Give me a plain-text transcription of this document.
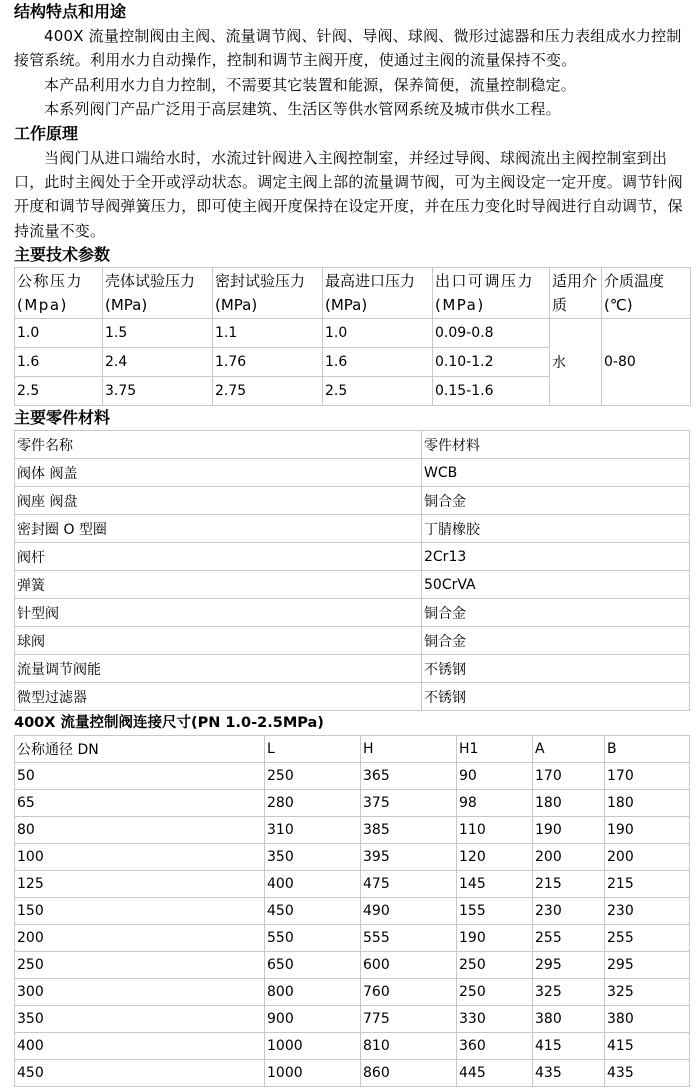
结构特点和用途

400X 流量控制阀由主阀、流量调节阀、针阀、导阀、球阀、微形过滤器和压力表组成水力控制接管系统。利用水力自动操作，控制和调节主阀开度，使通过主阀的流量保持不变。

本产品利用水力自力控制，不需要其它装置和能源，保养简便，流量控制稳定。

本系列阀门产品广泛用于高层建筑、生活区等供水管网系统及城市供水工程。

工作原理

当阀门从进口端给水时，水流过针阀进入主阀控制室，并经过导阀、球阀流出主阀控制室到出口，此时主阀处于全开或浮动状态。调定主阀上部的流量调节阀，可为主阀设定一定开度。调节针阀开度和调节导阀弹簧压力，即可使主阀开度保持在设定开度，并在压力变化时导阀进行自动调节，保持流量不变。

主要技术参数
公称压力(Mpa)	壳体试验压力(MPa)	密封试验压力(MPa)	最高进口压力(MPa)	出口可调压力(MPa)	适用介质	介质温度(℃)
1.0	1.5	1.1	1.0	0.09-0.8	水	0-80
1.6	2.4	1.76	1.6	0.10-1.2		
2.5	3.75	2.75	2.5	0.15-1.6		
主要零件材料
零件名称	零件材料
阀体 阀盖	WCB
阀座 阀盘	铜合金
密封圈 O 型圈	丁腈橡胶
阀杆	2Cr13
弹簧	50CrVA
针型阀	铜合金
球阀	铜合金
流量调节阀能	不锈钢
微型过滤器	不锈钢
400X 流量控制阀连接尺寸(PN 1.0-2.5MPa)
公称通径 DN	L	H	H1	A	B
50	250	365	90	170	170
65	280	375	98	180	180
80	310	385	110	190	190
100	350	395	120	200	200
125	400	475	145	215	215
150	450	490	155	230	230
200	550	555	190	255	255
250	650	600	250	295	295
300	800	760	250	325	325
350	900	775	330	380	380
400	1000	810	360	415	415
450	1000	860	445	435	435
